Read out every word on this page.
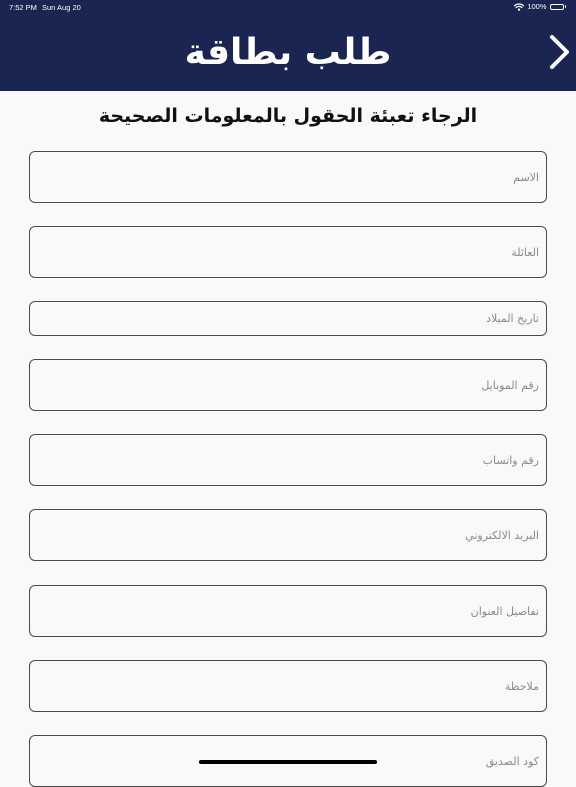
7:52 PM Sun Aug 20	100%
طلب بطاقة
الرجاء تعبئة الحقول بالمعلومات الصحيحة
الاسم
العائلة
تاريخ الميلاد
رقم الموبايل
رقم واتساب
البريد الالكتروني
تفاصيل العنوان
ملاحظة
كود الصديق
